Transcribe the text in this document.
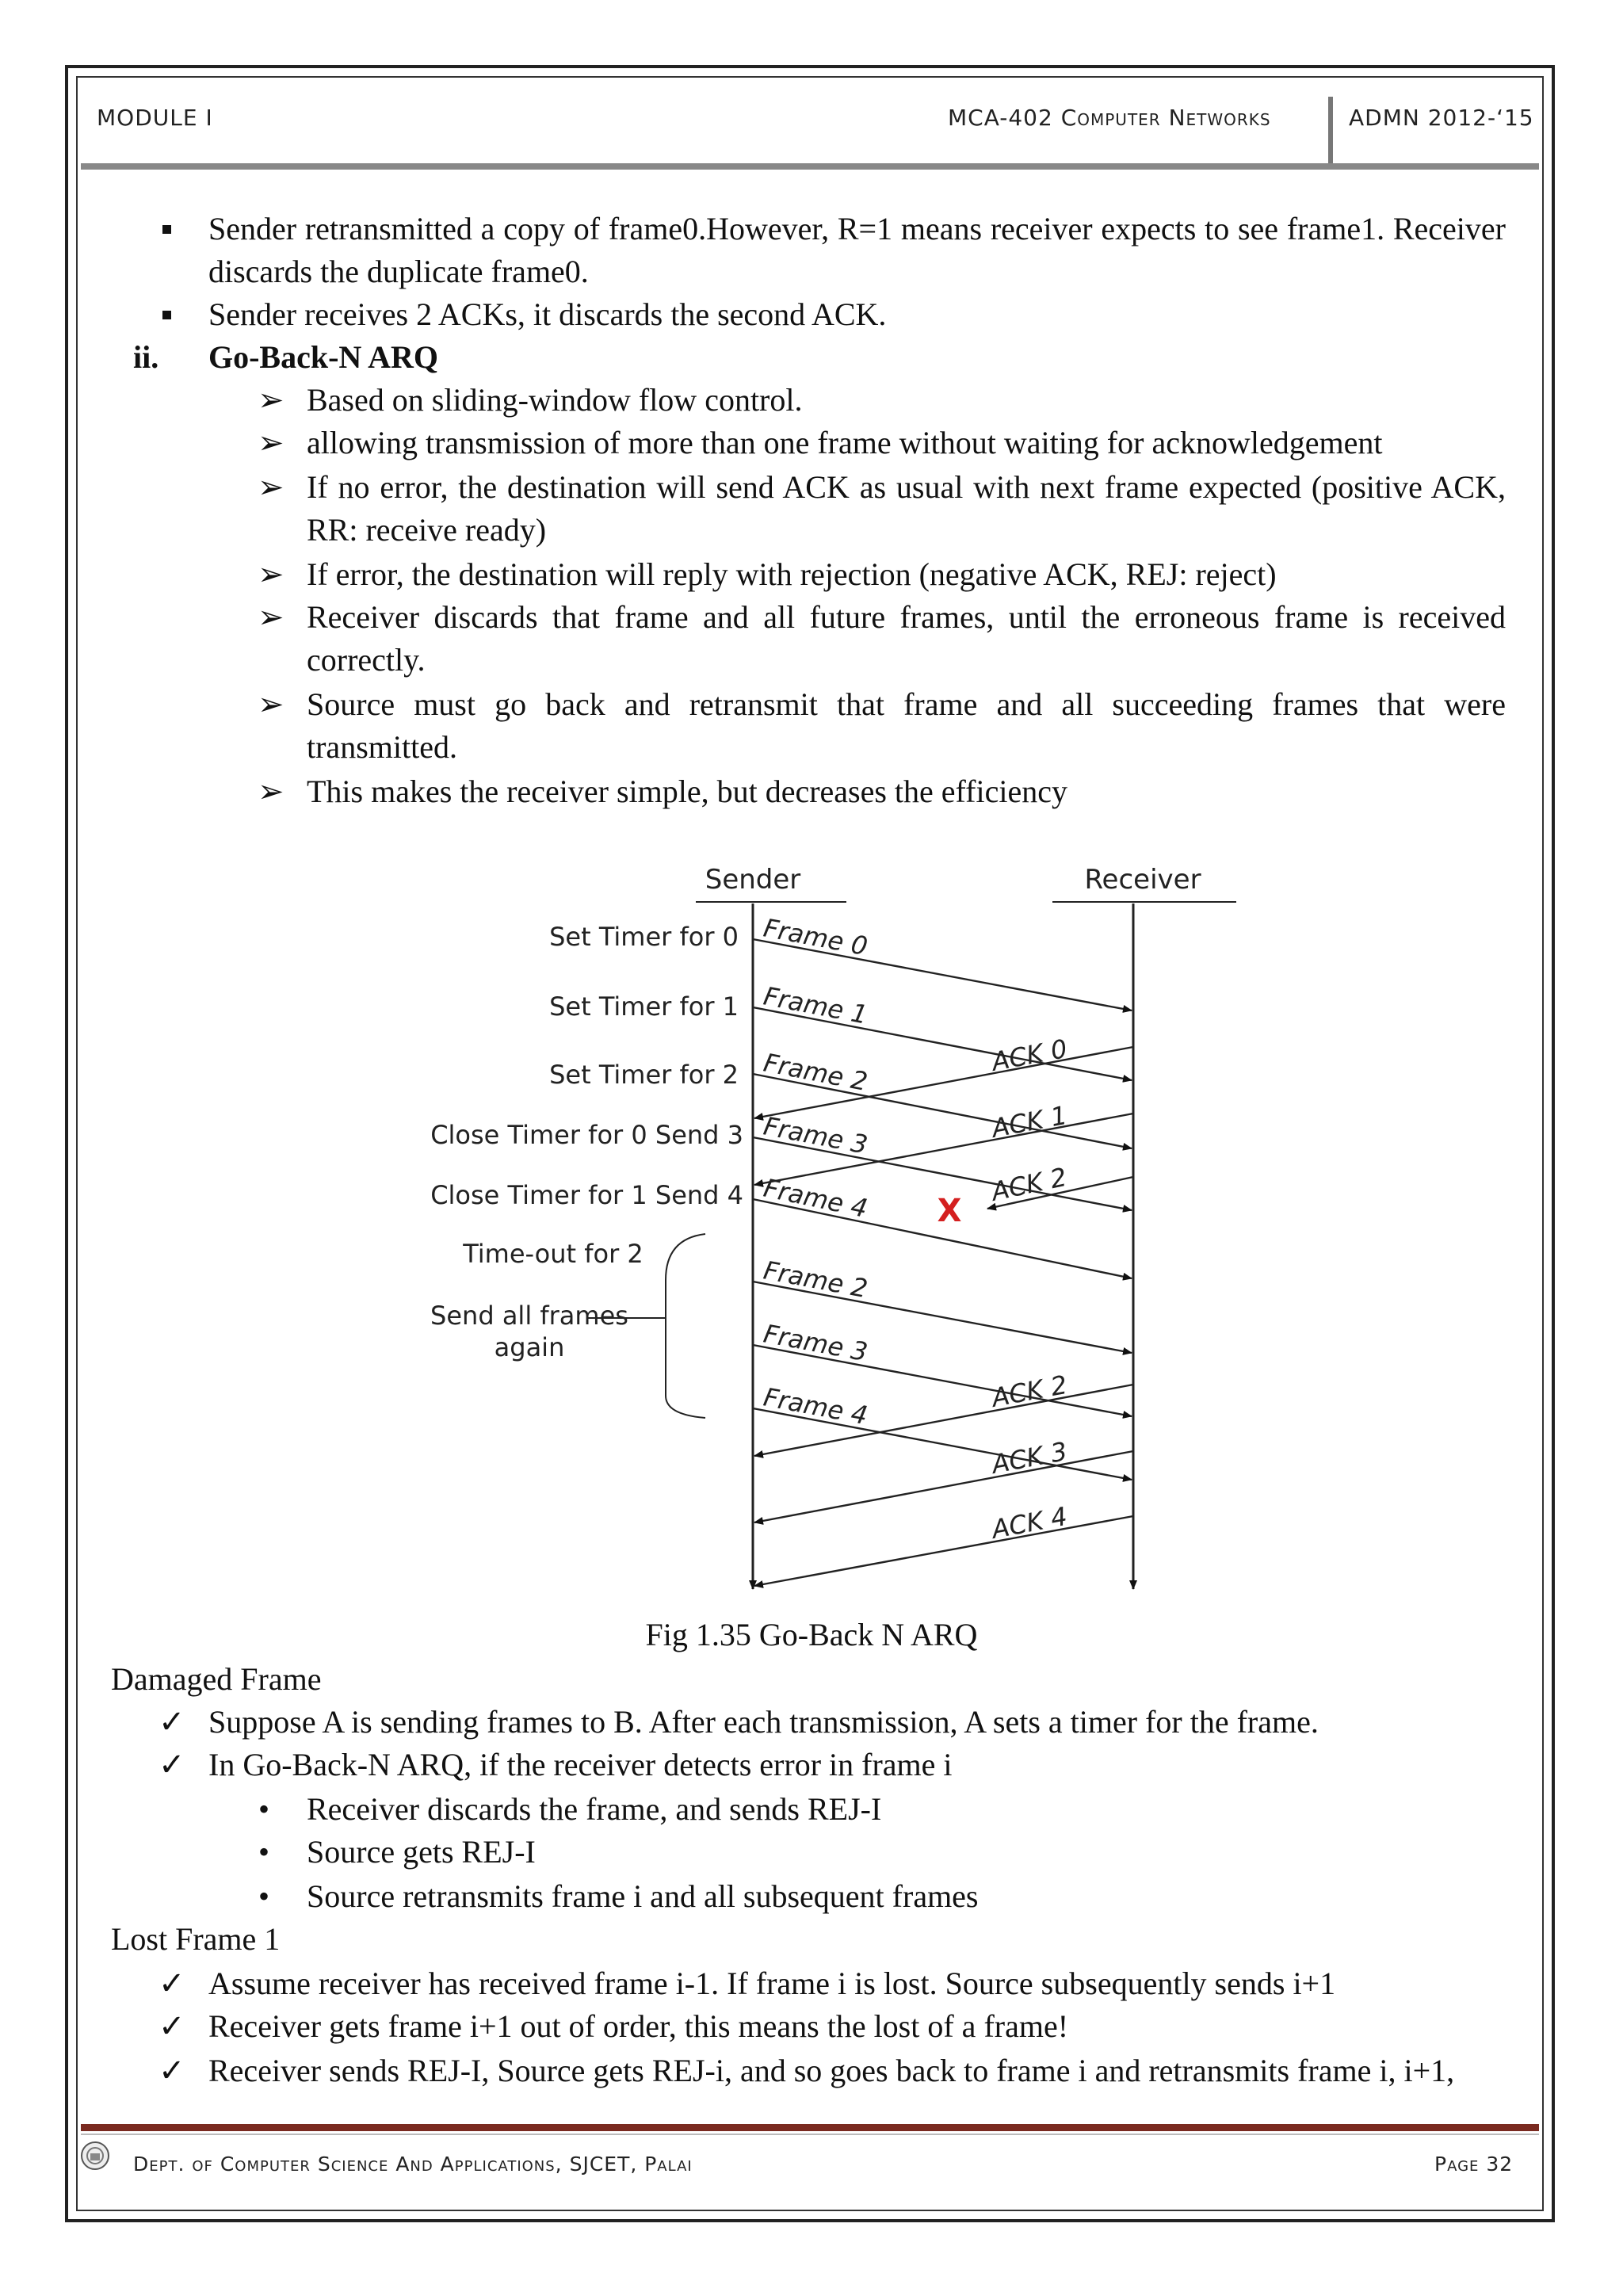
MODULE I	MCA-402 Computer Networks	ADMN 2012-‘15
Sender retransmitted a copy of frame0.However, R=1 means receiver expects to see frame1. Receiver discards the duplicate frame0.
Sender receives 2 ACKs, it discards the second ACK.
ii. Go-Back-N ARQ
➢ Based on sliding-window flow control.
➢ allowing transmission of more than one frame without waiting for acknowledgement
➢ If no error, the destination will send ACK as usual with next frame expected (positive ACK, RR: receive ready)
➢ If error, the destination will reply with rejection (negative ACK, REJ: reject)
➢ Receiver discards that frame and all future frames, until the erroneous frame is received correctly.
➢ Source must go back and retransmit that frame and all succeeding frames that were transmitted.
➢ This makes the receiver simple, but decreases the efficiency
Sender	Receiver
Set Timer for 0
Set Timer for 1
Set Timer for 2
Close Timer for 0 Send 3
Close Timer for 1 Send 4
Time-out for 2
Send all frames
again
Frame 0
Frame 1
Frame 2
Frame 3
Frame 4
Frame 2
Frame 3
Frame 4
ACK 0
ACK 1
ACK 2
ACK 2
ACK 3
ACK 4
X
Fig 1.35 Go-Back N ARQ
Damaged Frame
✓ Suppose A is sending frames to B. After each transmission, A sets a timer for the frame.
✓ In Go-Back-N ARQ, if the receiver detects error in frame i
• Receiver discards the frame, and sends REJ-I
• Source gets REJ-I
• Source retransmits frame i and all subsequent frames
Lost Frame 1
✓ Assume receiver has received frame i-1. If frame i is lost. Source subsequently sends i+1
✓ Receiver gets frame i+1 out of order, this means the lost of a frame!
✓ Receiver sends REJ-I, Source gets REJ-i, and so goes back to frame i and retransmits frame i, i+1,
Dept. of Computer Science And Applications, SJCET, Palai	Page 32
